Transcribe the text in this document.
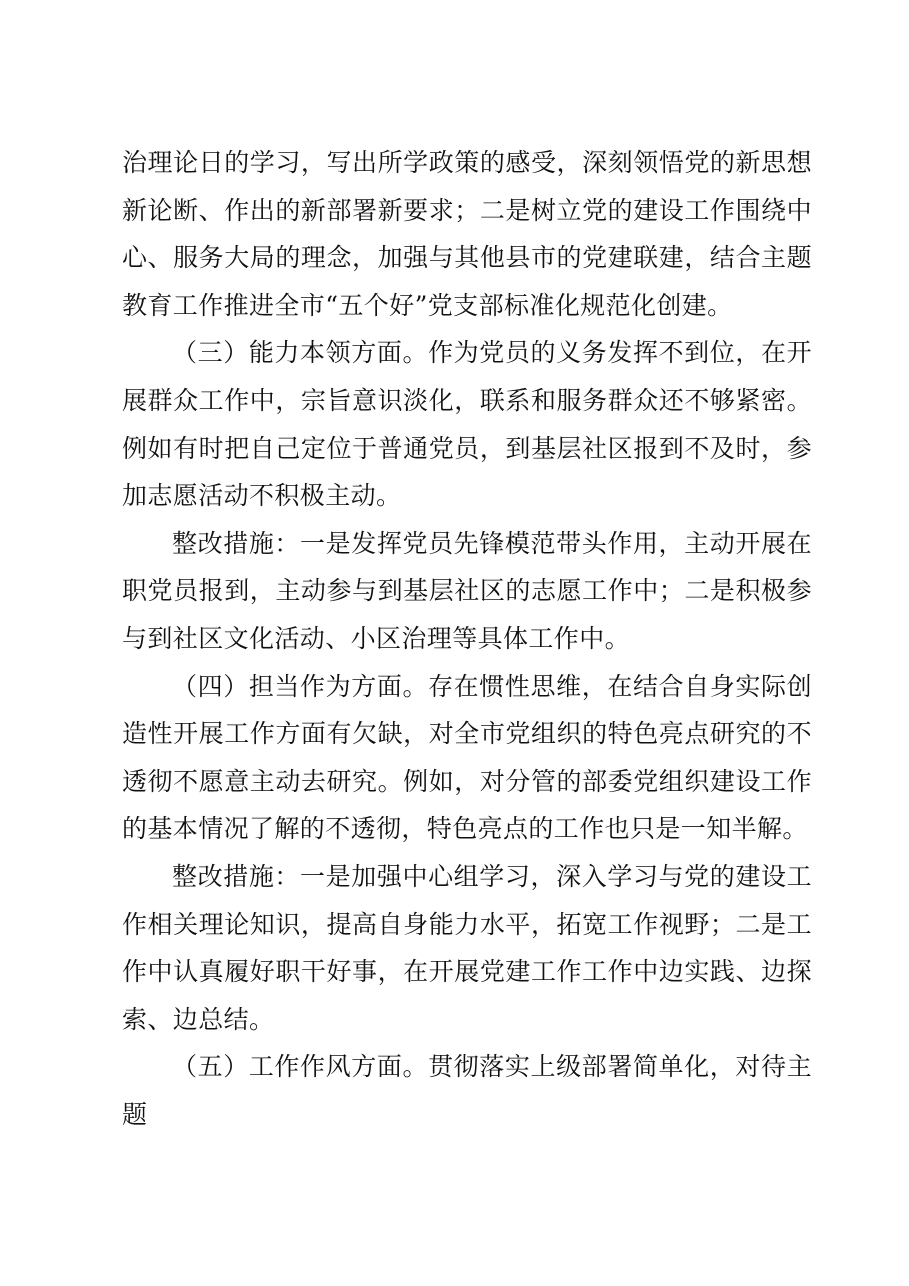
治理论日的学习，写出所学政策的感受，深刻领悟党的新思想新论断、作出的新部署新要求；二是树立党的建设工作围绕中心、服务大局的理念，加强与其他县市的党建联建，结合主题教育工作推进全市“五个好”党支部标准化规范化创建。

（三）能力本领方面。作为党员的义务发挥不到位，在开展群众工作中，宗旨意识淡化，联系和服务群众还不够紧密。例如有时把自己定位于普通党员，到基层社区报到不及时，参加志愿活动不积极主动。

整改措施：一是发挥党员先锋模范带头作用，主动开展在职党员报到，主动参与到基层社区的志愿工作中；二是积极参与到社区文化活动、小区治理等具体工作中。

（四）担当作为方面。存在惯性思维，在结合自身实际创造性开展工作方面有欠缺，对全市党组织的特色亮点研究的不透彻不愿意主动去研究。例如，对分管的部委党组织建设工作的基本情况了解的不透彻，特色亮点的工作也只是一知半解。

整改措施：一是加强中心组学习，深入学习与党的建设工作相关理论知识，提高自身能力水平，拓宽工作视野；二是工作中认真履好职干好事，在开展党建工作工作中边实践、边探索、边总结。

（五）工作作风方面。贯彻落实上级部署简单化，对待主题
